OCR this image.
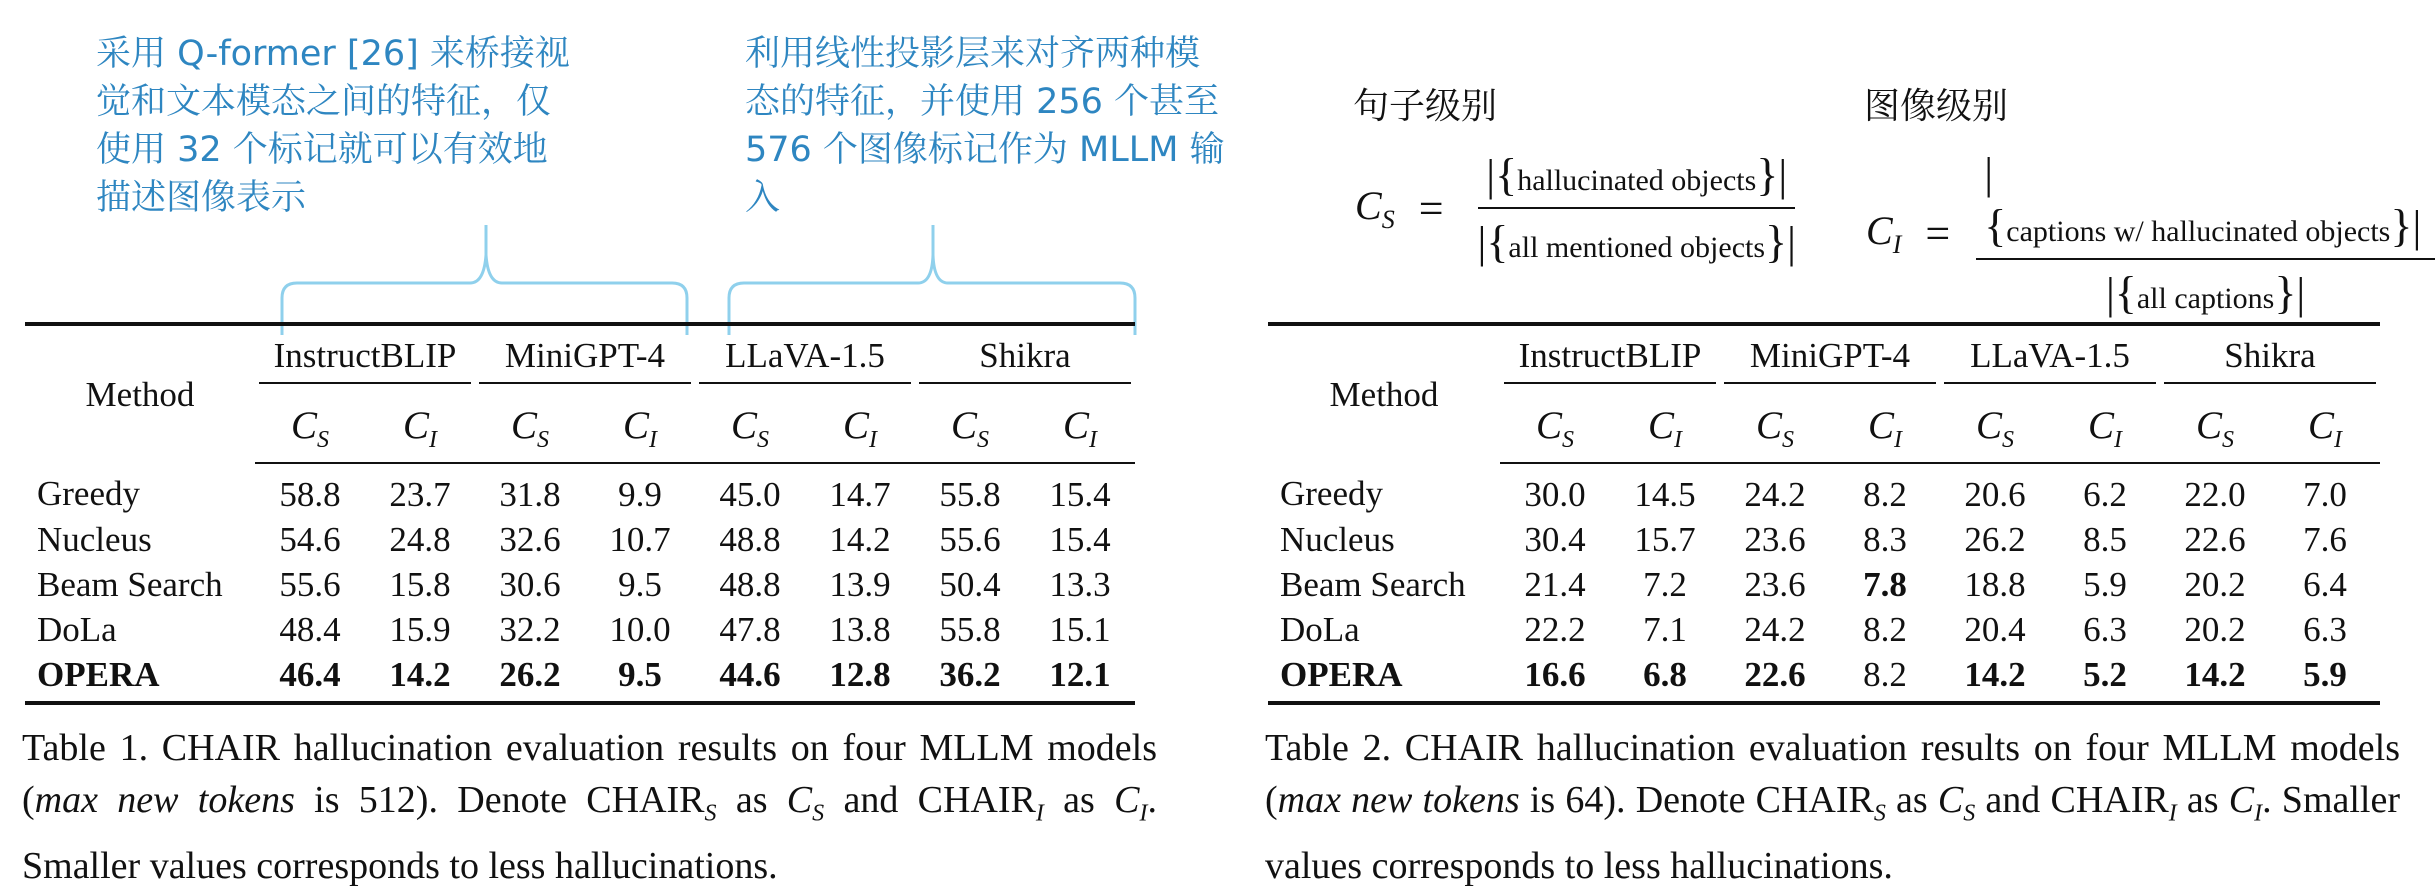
采用 Q-former [26] 来桥接视
觉和文本模态之间的特征，仅
使用 32 个标记就可以有效地
描述图像表示
利用线性投影层来对齐两种模
态的特征，并使用 256 个甚至
576 个图像标记作为 MLLM 输
入
句子级别	图像级别
$C_S = \frac{\text{|\{hallucinated objects\}|}}{\text{|\{all mentioned objects\}|}} C_I = \frac{\text{|\{captions w/ hallucinated objects\}|}}{\text{|\{all captions\}|}}$
Method	InstructBLIP		MiniGPT-4		LLaVA-1.5		Shikra	

	$C_S$	$C_I$	$C_S$	$C_I$	$C_S$	$C_I$	$C_S$	$C_I$
Greedy	58.8	23.7	31.8	9.9	45.0	14.7	55.8	15.4
Nucleus	54.6	24.8	32.6	10.7	48.8	14.2	55.6	15.4
Beam Search	55.6	15.8	30.6	9.5	48.8	13.9	50.4	13.3
DoLa	48.4	15.9	32.2	10.0	47.8	13.8	55.8	15.1
OPERA	46.4	14.2	26.2	9.5	44.6	12.8	36.2	12.1
Method	InstructBLIP		MiniGPT-4		LLaVA-1.5		Shikra	

	$C_S$	$C_I$	$C_S$	$C_I$	$C_S$	$C_I$	$C_S$	$C_I$
Greedy	30.0	14.5	24.2	8.2	20.6	6.2	22.0	7.0
Nucleus	30.4	15.7	23.6	8.3	26.2	8.5	22.6	7.6
Beam Search	21.4	7.2	23.6	7.8	18.8	5.9	20.2	6.4
DoLa	22.2	7.1	24.2	8.2	20.4	6.3	20.2	6.3
OPERA	16.6	6.8	22.6	8.2	14.2	5.2	14.2	5.9
Table 1. CHAIR hallucination evaluation results on four MLLM models (max new tokens is 512). Denote $CHAIR_S$ as $C_S$ and $CHAIR_I$ as $C_I$. Smaller values corresponds to less hallucinations.
Table 2. CHAIR hallucination evaluation results on four MLLM models (max new tokens is 64). Denote $CHAIR_S$ as $C_S$ and $CHAIR_I$ as $C_I$. Smaller values corresponds to less hallucinations.
